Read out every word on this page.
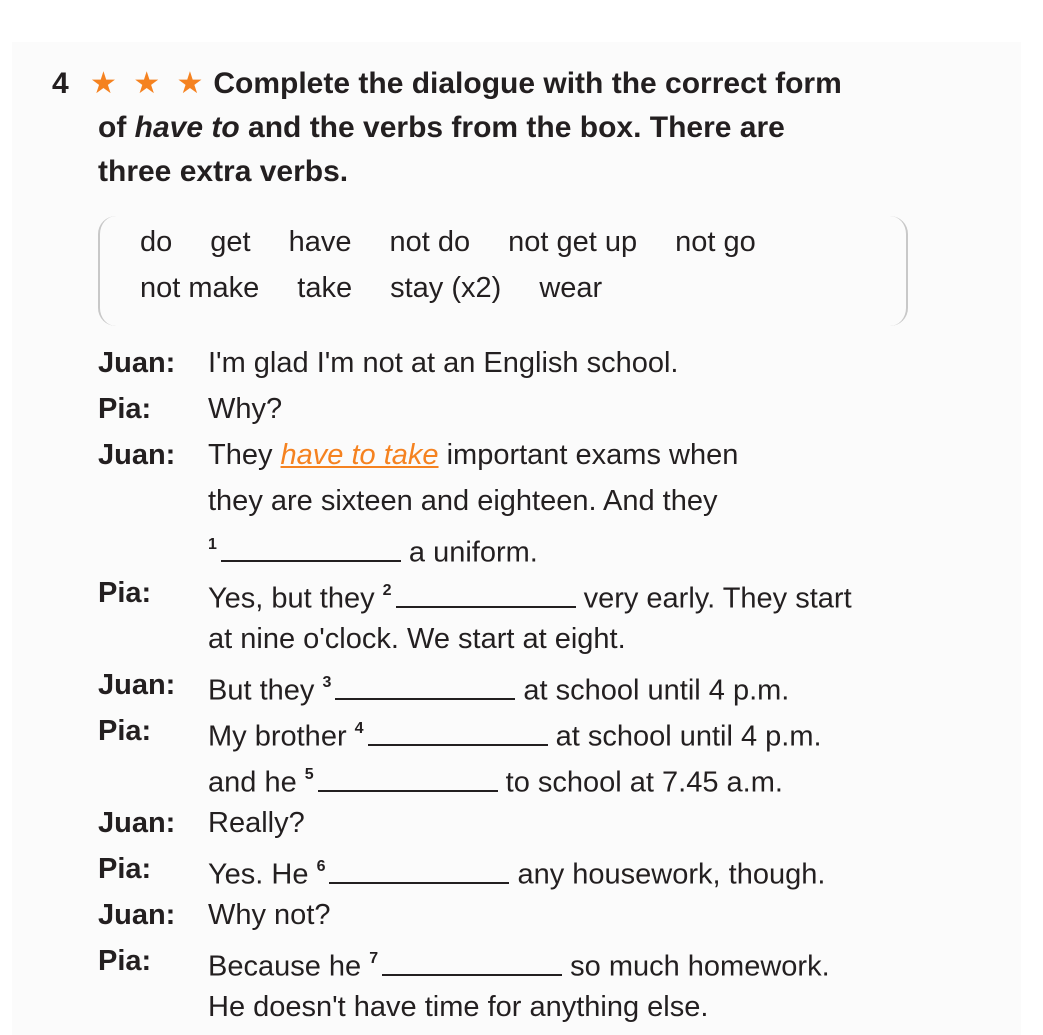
4 ★ ★ ★ Complete the dialogue with the correct form
of have to and the verbs from the box. There are
three extra verbs.
do get have not do not get up not go
not make take stay (x2) wear
Juan:	I'm glad I'm not at an English school.
Pia:	Why?
Juan:	They have to take important exams when
they are sixteen and eighteen. And they
$^1$	a uniform.
Pia:	Yes, but they $^2$	very early. They start
at nine o'clock. We start at eight.
Juan:	But they $^3$	at school until 4 p.m.
Pia:	My brother $^4$	at school until 4 p.m.
and he $^5$	to school at 7.45 a.m.
Juan:	Really?
Pia:	Yes. He $^6$	any housework, though.
Juan:	Why not?
Pia:	Because he $^7$	so much homework.
He doesn't have time for anything else.
